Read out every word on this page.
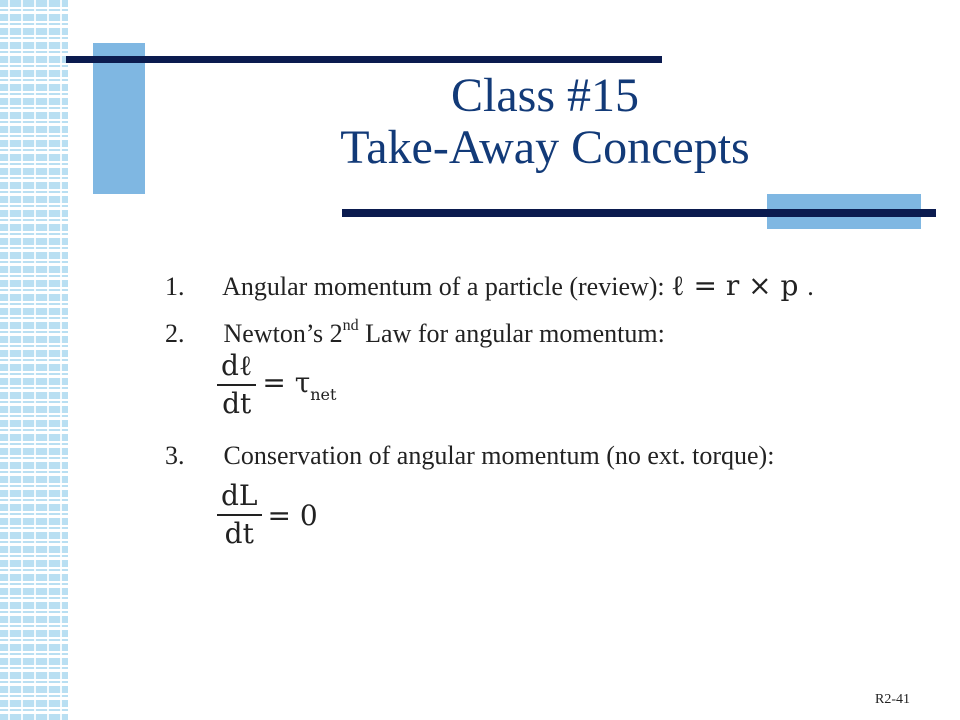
Class #15
Take-Away Concepts
1. Angular momentum of a particle (review): ℓ = r × p .
2. Newton’s 2nd Law for angular momentum:
$\frac{\text{dℓ}}{dt} = \tau_{net}$
3. Conservation of angular momentum (no ext. torque):
$\frac{dL}{dt} = 0$
R2-41
